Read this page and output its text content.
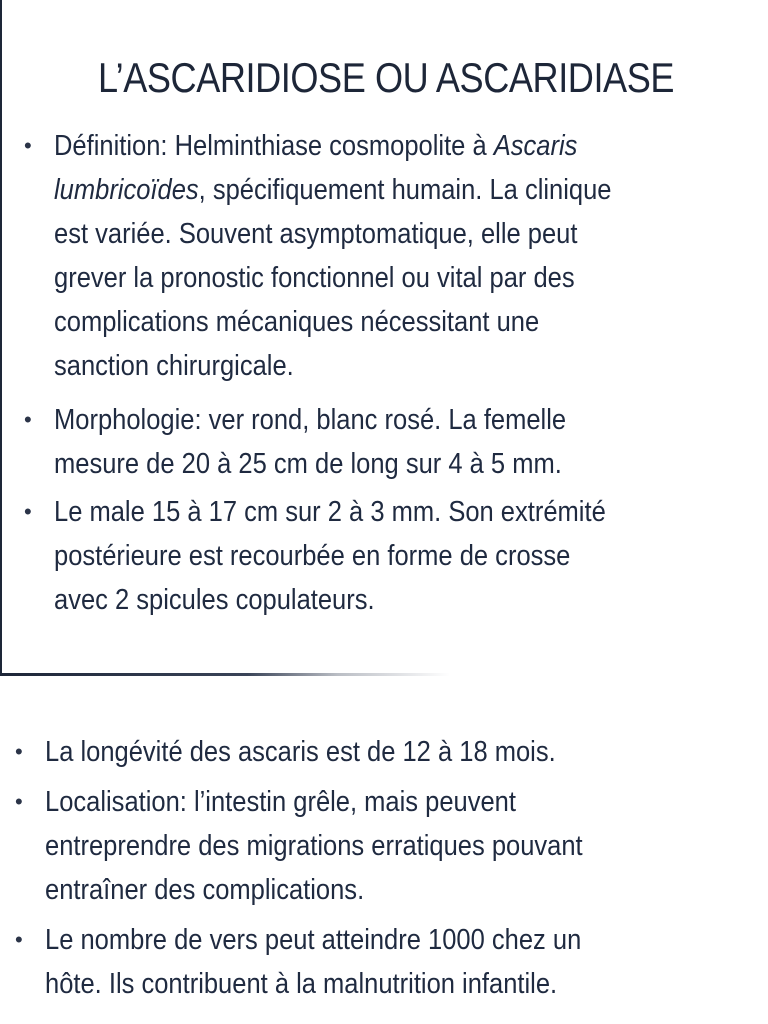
L’ASCARIDIOSE OU ASCARIDIASE
• Définition: Helminthiase cosmopolite à Ascaris
lumbricoïdes, spécifiquement humain. La clinique
est variée. Souvent asymptomatique, elle peut
grever la pronostic fonctionnel ou vital par des
complications mécaniques nécessitant une
sanction chirurgicale.
• Morphologie: ver rond, blanc rosé. La femelle
mesure de 20 à 25 cm de long sur 4 à 5 mm.
• Le male 15 à 17 cm sur 2 à 3 mm. Son extrémité
postérieure est recourbée en forme de crosse
avec 2 spicules copulateurs.
• La longévité des ascaris est de 12 à 18 mois.
• Localisation: l’intestin grêle, mais peuvent
entreprendre des migrations erratiques pouvant
entraîner des complications.
• Le nombre de vers peut atteindre 1000 chez un
hôte. Ils contribuent à la malnutrition infantile.
